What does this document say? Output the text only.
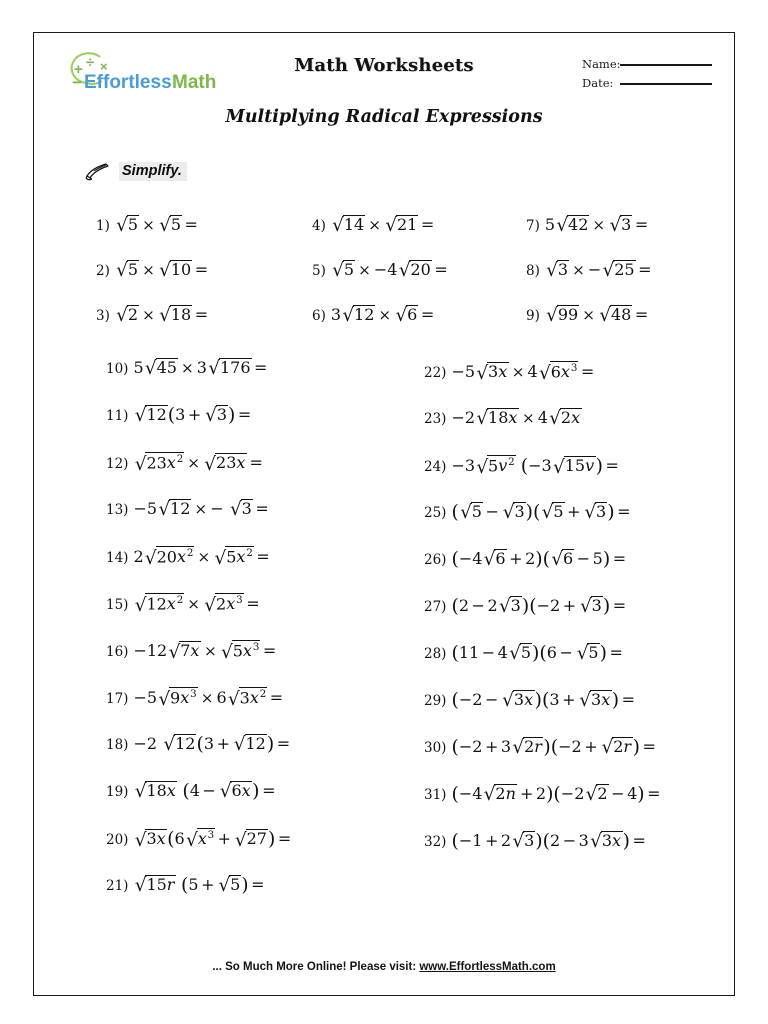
+ ÷ ×
− Effortless Math
Math Worksheets	Name:
Date:
Multiplying Radical Expressions
Simplify.
1) √5 × √5 =
2) √5 × √10 =
3) √2 × √18 =
4) √14 × √21 =
5) √5 × −4√20 =
6) 3√12 × √6 =
7) 5√42 × √3 =
8) √3 × −√25 =
9) √99 × √48 =
10) 5√45 × 3√176 =
11) √12(3 + √3) =
12) $√23x^2 \times √23x$ =
13) −5√12 × − √3 =
14) $2√20x^2 \times √5x^2$ =
15) $√12x^2 \times √2x^3$ =
$16) -12√7x \times √5x^3$ =
$17) -5√9x^3 \times 6√3x^2$ =
18) −2 √12(3 + √12) =
19) √18x (4 − √6x) =
20) $√3x(6√x^3 + √27)$ =
21) √15r (5 + √5) =
$22) -5√3x \times 4√6x^3$ =
23) −2√18x × 4√2x
$24) -3√5v^2$ (−3√15v) =
25) (√5 − √3)(√5 + √3) =
26) (−4√6 + 2)(√6 − 5) =
27) (2 − 2√3)(−2 + √3) =
28) (11 − 4√5)(6 − √5) =
29) (−2 − √3x)(3 + √3x) =
30) (−2 + 3√2r)(−2 + √2r) =
31) (−4√2n + 2)(−2√2 − 4) =
32) (−1 + 2√3)(2 − 3√3x) =
... So Much More Online! Please visit: www.EffortlessMath.com
